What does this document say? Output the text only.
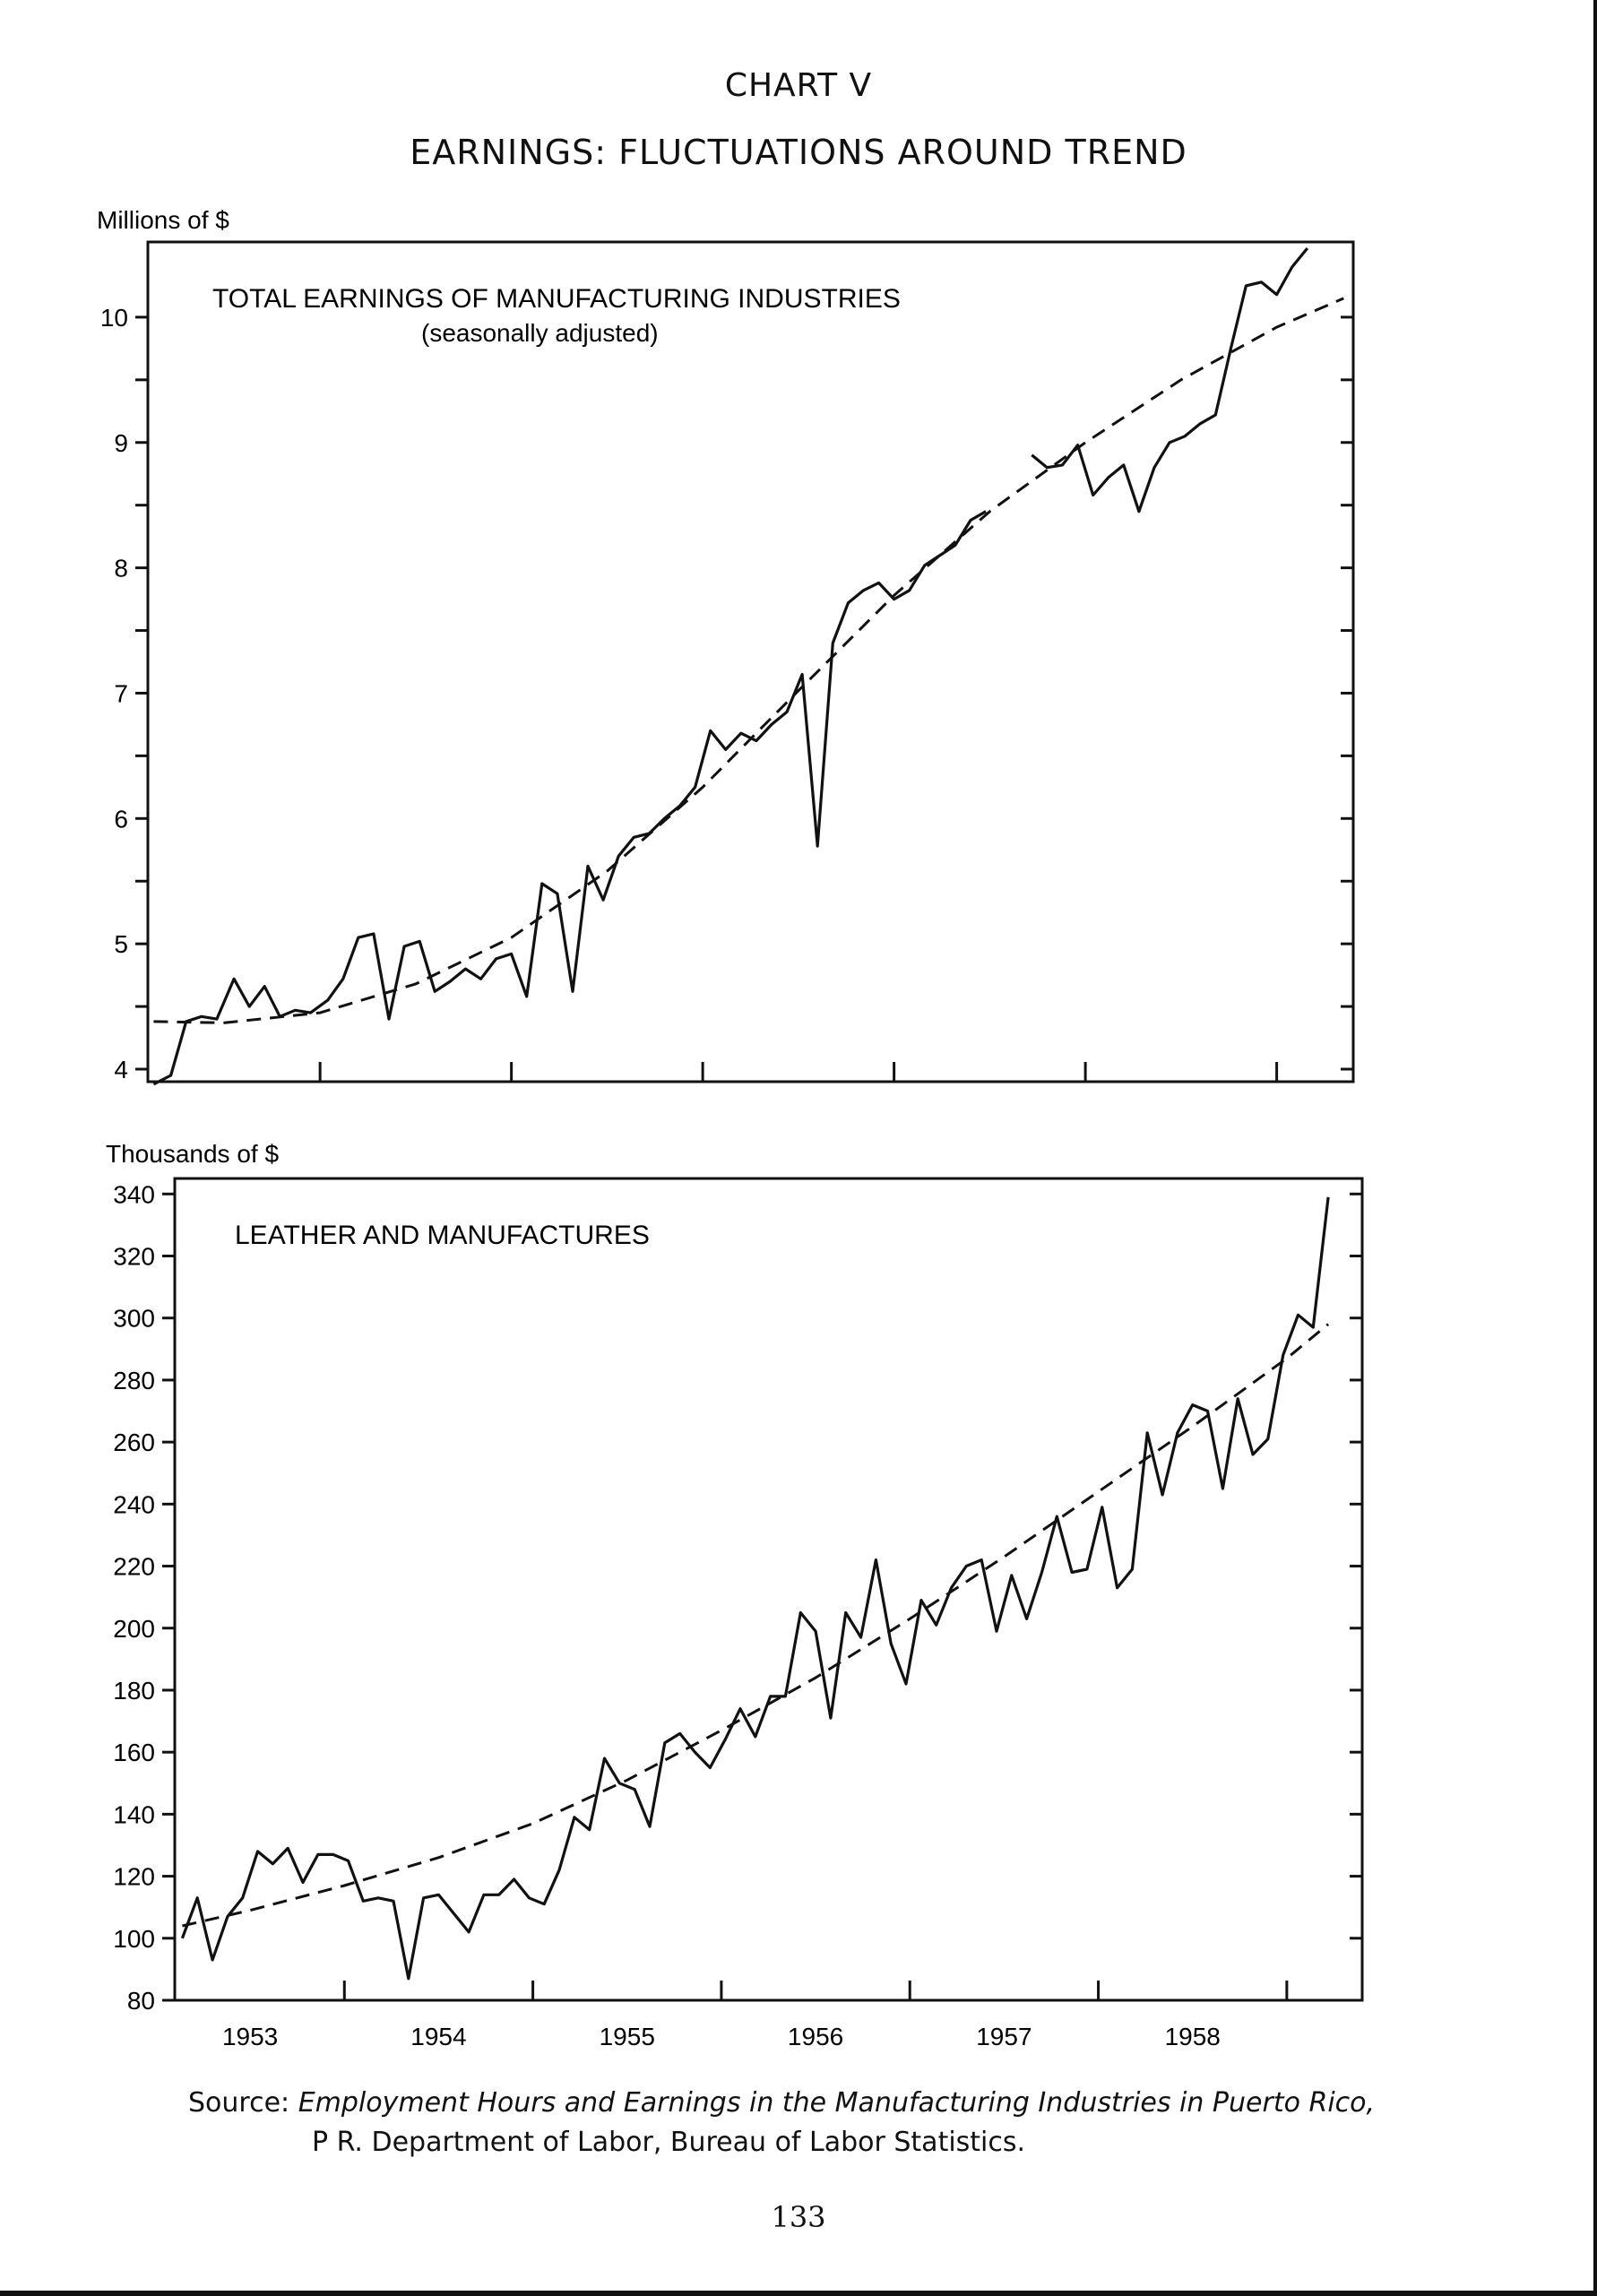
CHART V
EARNINGS: FLUCTUATIONS AROUND TREND
Millions of $
TOTAL EARNINGS OF MANUFACTURING INDUSTRIES
(seasonally adjusted)
4
5
6
7
8
9
10
Thousands of $
LEATHER AND MANUFACTURES
80
100
120
140
160
180
200
220
240
260
280
300
320
340
1953	1954	1955	1956	1957	1958
Source: Employment Hours and Earnings in the Manufacturing Industries in Puerto Rico,
P R. Department of Labor, Bureau of Labor Statistics.
133
